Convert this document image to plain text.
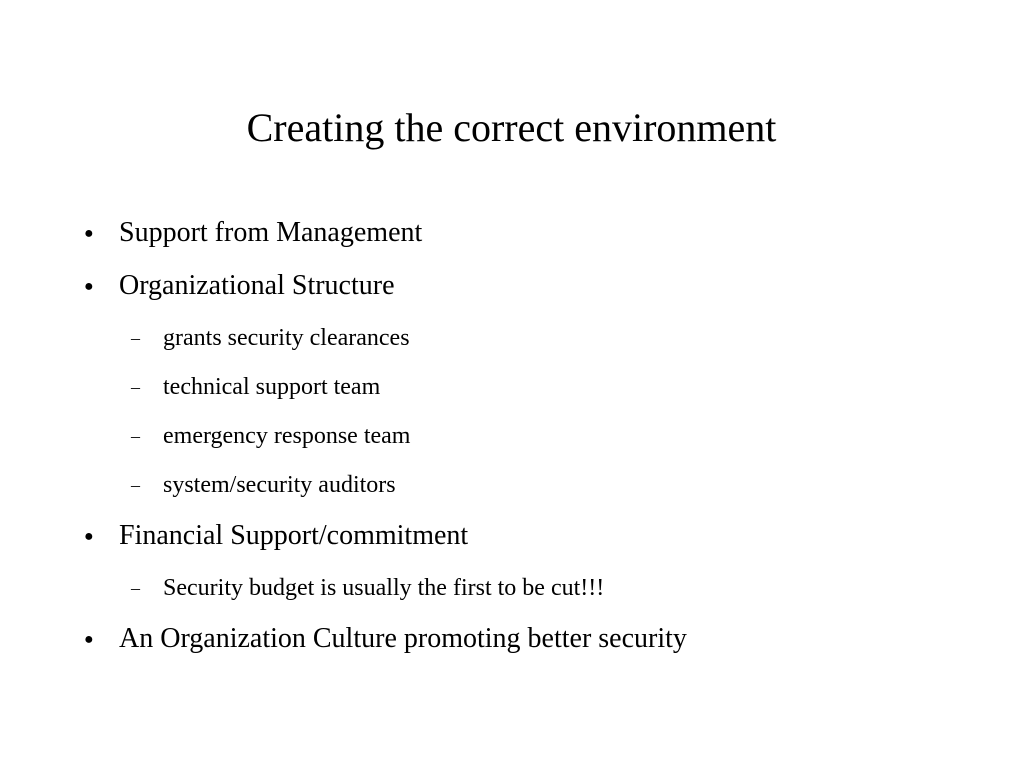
Creating the correct environment
● Support from Management
● Organizational Structure
– grants security clearances
– technical support team
– emergency response team
– system/security auditors
● Financial Support/commitment
– Security budget is usually the first to be cut!!!
● An Organization Culture promoting better security
